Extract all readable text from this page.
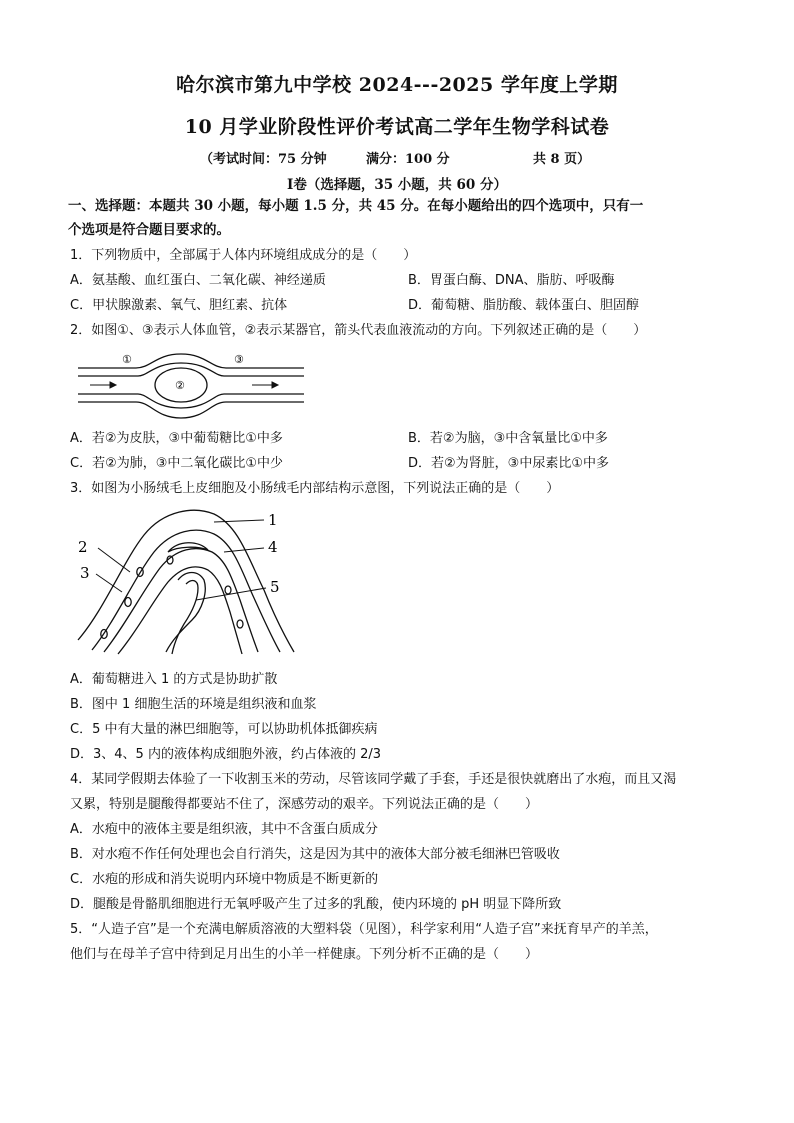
哈尔滨市第九中学校 2024---2025 学年度上学期
10 月学业阶段性评价考试高二学年生物学科试卷
（考试时间：75 分钟	满分：100 分	共 8 页）
Ⅰ卷（选择题，35 小题，共 60 分）
一、选择题：本题共 30 小题，每小题 1.5 分，共 45 分。在每小题给出的四个选项中，只有一
个选项是符合题目要求的。
1．下列物质中，全部属于人体内环境组成成分的是（　　）
A．氨基酸、血红蛋白、二氧化碳、神经递质	B．胃蛋白酶、DNA、脂肪、呼吸酶
C．甲状腺激素、氧气、胆红素、抗体	D．葡萄糖、脂肪酸、载体蛋白、胆固醇
2．如图①、③表示人体血管，②表示某器官，箭头代表血液流动的方向。下列叙述正确的是（　　）
①
②
③
A．若②为皮肤，③中葡萄糖比①中多	B．若②为脑，③中含氧量比①中多
C．若②为肺，③中二氧化碳比①中少	D．若②为肾脏，③中尿素比①中多
3．如图为小肠绒毛上皮细胞及小肠绒毛内部结构示意图，下列说法正确的是（　　）
1
2
3
4
5
A．葡萄糖进入 1 的方式是协助扩散
B．图中 1 细胞生活的环境是组织液和血浆
C．5 中有大量的淋巴细胞等，可以协助机体抵御疾病
D．3、4、5 内的液体构成细胞外液，约占体液的 2/3
4．某同学假期去体验了一下收割玉米的劳动，尽管该同学戴了手套，手还是很快就磨出了水疱，而且又渴
又累，特别是腿酸得都要站不住了，深感劳动的艰辛。下列说法正确的是（　　）
A．水疱中的液体主要是组织液，其中不含蛋白质成分
B．对水疱不作任何处理也会自行消失，这是因为其中的液体大部分被毛细淋巴管吸收
C．水疱的形成和消失说明内环境中物质是不断更新的
D．腿酸是骨骼肌细胞进行无氧呼吸产生了过多的乳酸，使内环境的 pH 明显下降所致
5．“人造子宫”是一个充满电解质溶液的大塑料袋（见图），科学家利用“人造子宫”来抚育早产的羊羔，
他们与在母羊子宫中待到足月出生的小羊一样健康。下列分析不正确的是（　　）
